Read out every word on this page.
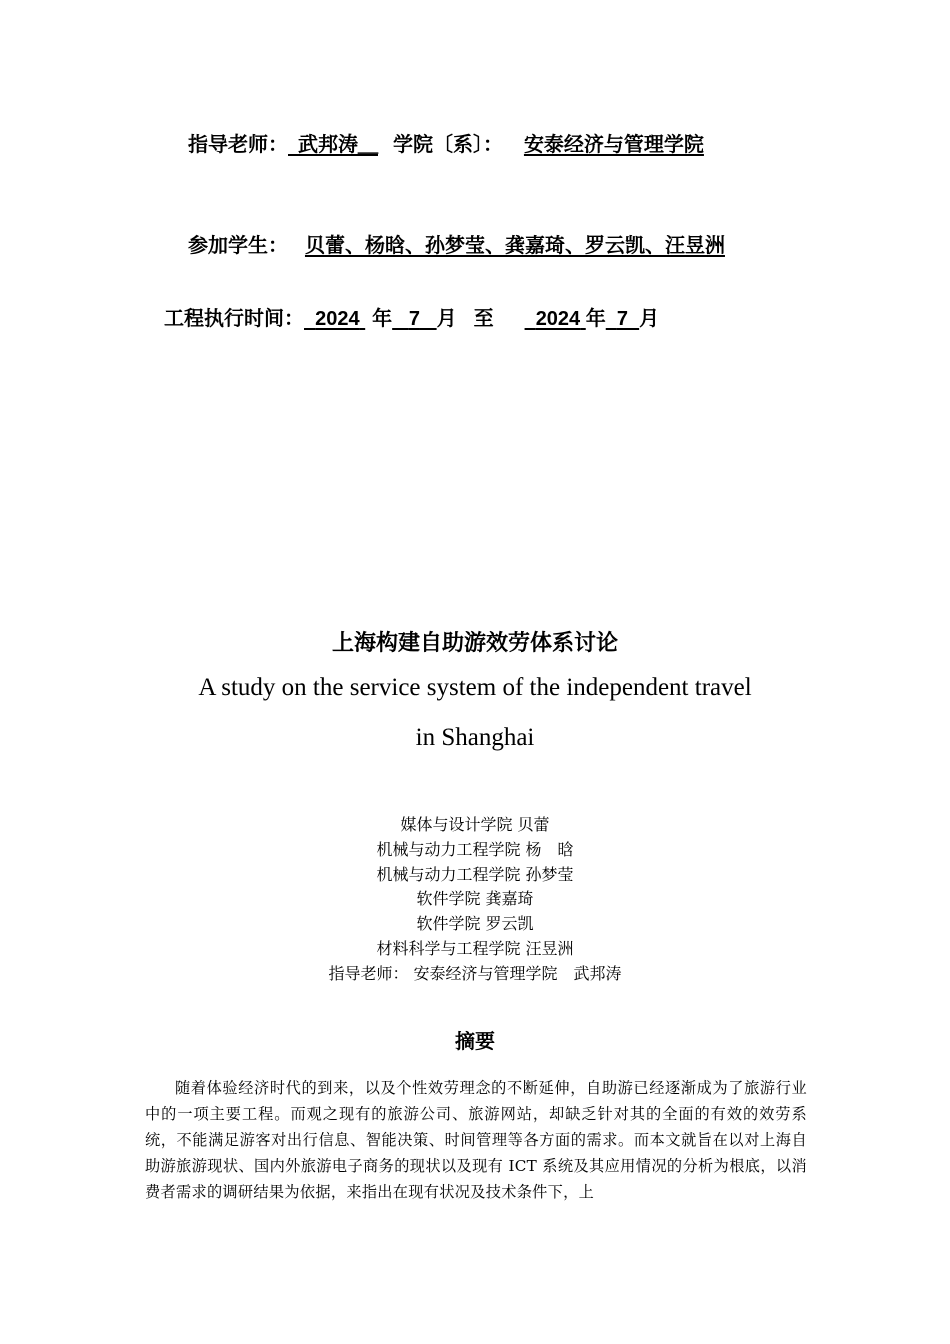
指导老师：_武邦涛＿ 学院〔系〕： 安泰经济与管理学院
参加学生： 贝蕾、杨晗、孙梦莹、龚嘉琦、罗云凯、汪昱洲
工程执行时间： 2024 年 7 月 至 2024 年 7 月
上海构建自助游效劳体系讨论
A study on the service system of the independent travel
in Shanghai
媒体与设计学院 贝蕾
机械与动力工程学院 杨　晗
机械与动力工程学院 孙梦莹
软件学院 龚嘉琦
软件学院 罗云凯
材料科学与工程学院 汪昱洲
指导老师： 安泰经济与管理学院　武邦涛
摘要
随着体验经济时代的到来，以及个性效劳理念的不断延伸，自助游已经逐渐成为了旅游行业中的一项主要工程。而观之现有的旅游公司、旅游网站，却缺乏针对其的全面的有效的效劳系统，不能满足游客对出行信息、智能决策、时间管理等各方面的需求。而本文就旨在以对上海自助游旅游现状、国内外旅游电子商务的现状以及现有 ICT 系统及其应用情况的分析为根底，以消费者需求的调研结果为依据，来指出在现有状况及技术条件下，上
